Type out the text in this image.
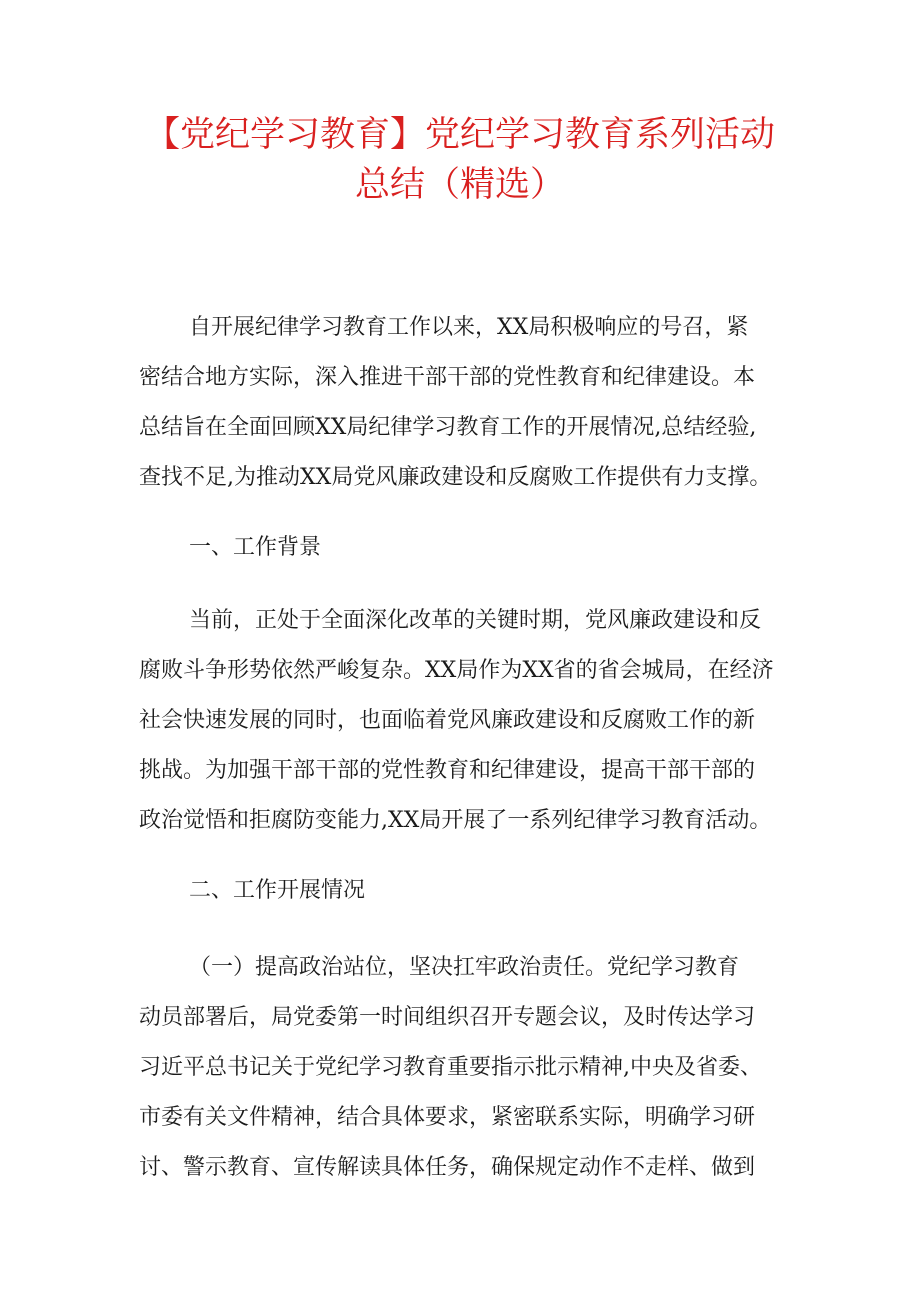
【党纪学习教育】党纪学习教育系列活动
总结（精选）
自开展纪律学习教育工作以来，XX局积极响应的号召，紧
密结合地方实际，深入推进干部干部的党性教育和纪律建设。本
总结旨在全面回顾XX局纪律学习教育工作的开展情况,总结经验,
查找不足,为推动XX局党风廉政建设和反腐败工作提供有力支撑。
一、工作背景
当前，正处于全面深化改革的关键时期，党风廉政建设和反
腐败斗争形势依然严峻复杂。XX局作为XX省的省会城局，在经济
社会快速发展的同时，也面临着党风廉政建设和反腐败工作的新
挑战。为加强干部干部的党性教育和纪律建设，提高干部干部的
政治觉悟和拒腐防变能力,XX局开展了一系列纪律学习教育活动。
二、工作开展情况
（一）提高政治站位，坚决扛牢政治责任。党纪学习教育
动员部署后，局党委第一时间组织召开专题会议，及时传达学习
习近平总书记关于党纪学习教育重要指示批示精神,中央及省委、
市委有关文件精神，结合具体要求，紧密联系实际，明确学习研
讨、警示教育、宣传解读具体任务，确保规定动作不走样、做到
